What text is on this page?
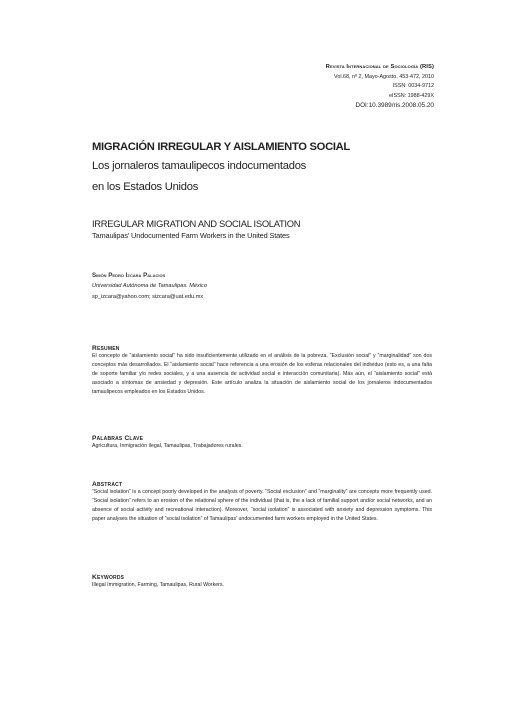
Revista Internacional de Sociología (RIS)
Vol.68, nº 2, Mayo-Agosto, 453-472, 2010
ISSN: 0034-9712
eISSN: 1988-429X
DOI:10.3989/ris.2008.05.20
MIGRACIÓN IRREGULAR Y AISLAMIENTO SOCIAL
Los jornaleros tamaulipecos indocumentados
en los Estados Unidos
IRREGULAR MIGRATION AND SOCIAL ISOLATION
Tamaulipas' Undocumented Farm Workers in the United States
Simón Pedro Izcara Palacios
Universidad Autónoma de Tamaulipas. México
sp_izcara@yahoo.com; sizcara@uat.edu.mx
Resumen
El concepto de “aislamiento social” ha sido insuficientemente utilizado en el análisis de la pobreza. “Exclusión social” y “marginalidad” son dos conceptos más desarrollados. El “aislamiento social” hace referencia a una erosión de los esferas relacionales del individuo (esto es, a una falta de soporte familiar y/o redes sociales, y a una ausencia de actividad social e interacción comunitaria). Más aún, el “aislamiento social” está asociado a síntomas de ansiedad y depresión. Este artículo analiza la situación de aislamiento social de los jornaleros indocumentados tamaulipecos empleados en los Estados Unidos.
Palabras Clave
Agricultura, Inmigración ilegal, Tamaulipas, Trabajadores rurales.
Abstract
“Social isolation” is a concept poorly developed in the analysis of poverty. “Social exclusion” and “marginality” are concepts more frequently used. “Social isolation” refers to an erosion of the relational sphere of the individual (that is, the a lack of familial support and/or social networks, and an absence of social activity and recreational interaction). Moreover, “social isolation” is associated with anxiety and depression symptoms. This paper analyses the situation of “social isolation” of Tamaulipas’ undocumented farm workers employed in the United States.
Keywords
Illegal Immigration, Farming, Tamaulipas, Rural Workers.
